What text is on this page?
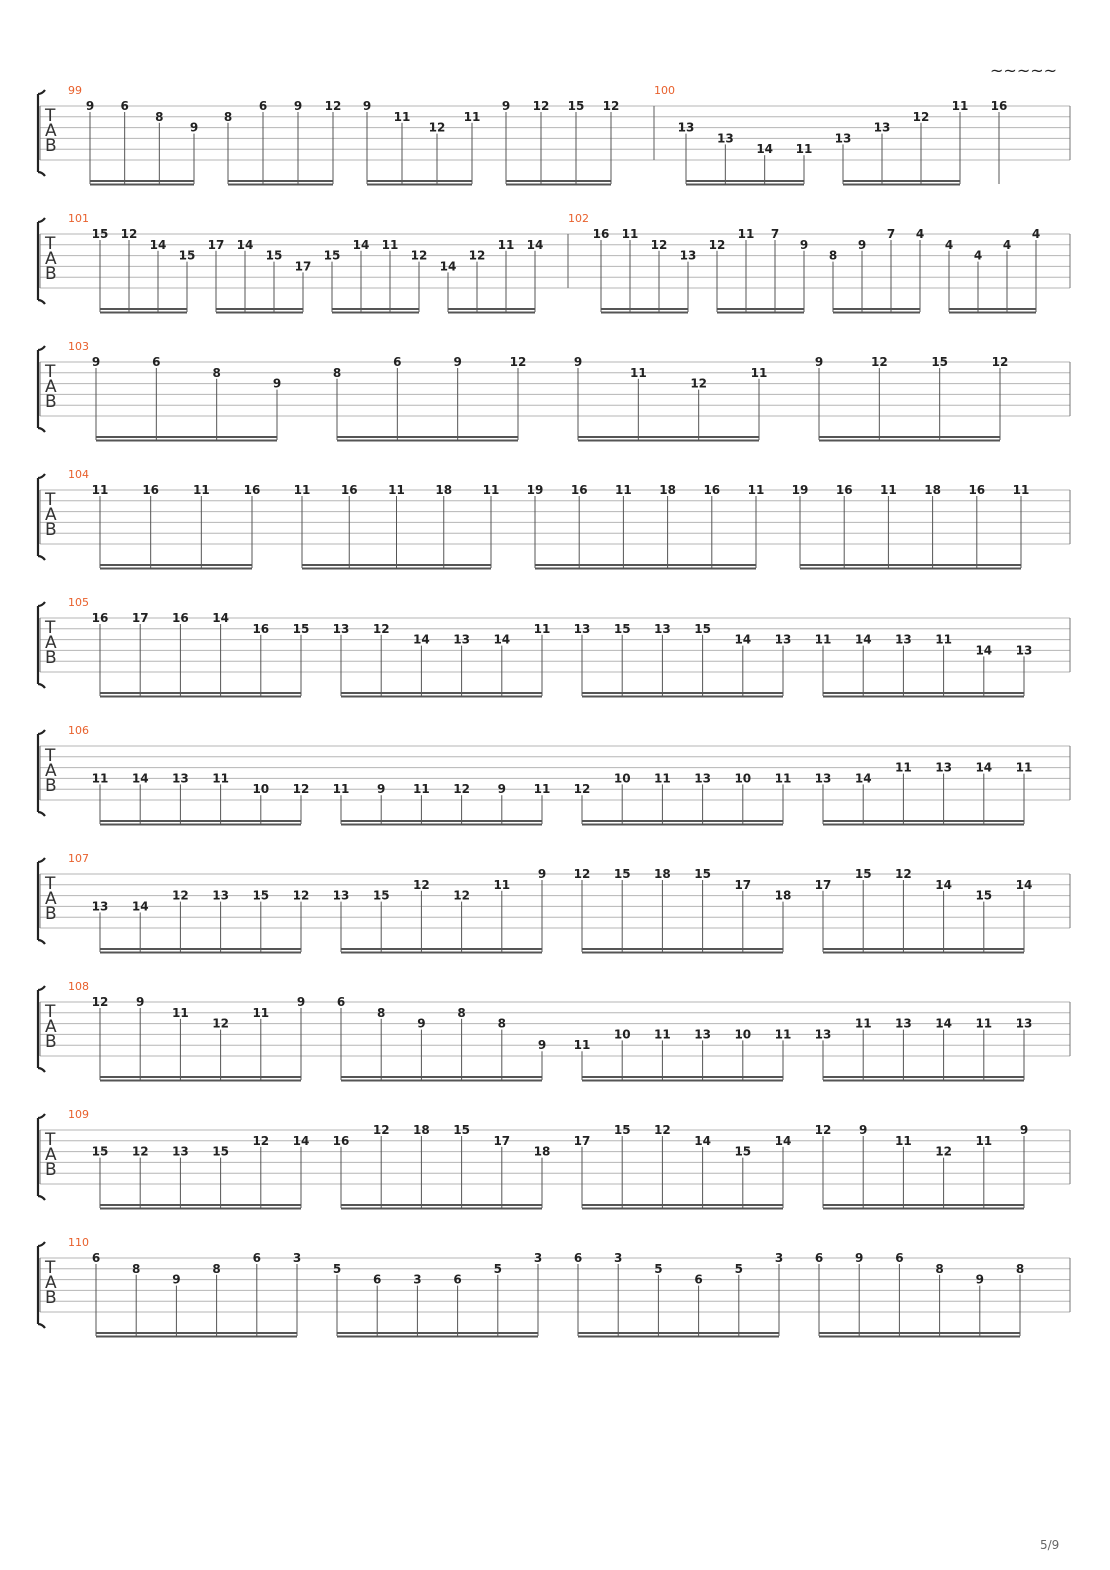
T
A
B
99
9 6
8
9
8
6 9 12 9
11
12
11
9 12 15 12
100
13
13
14 11
13
13
12
11 16
T
A
B
101
15 12
14
15
17 14
15
17
15
14 11
12
14
12
11 14
102
16 11
12
13
12
11 7
9
8
9
7 4
4
4
4
4
T
A
B
103
9	6
8
9
8
6	9	12	9
11
12
11
9	12	15	12
T
A
B
104
11	16	11	16	11	16	11	18	11 19 16 11 18 16 11 19 16 11 18 16 11
T
A
B
105
16 17 16 14
16 15 13 12
14 13 14
11 13 15 13 15
14 13 11 14 13 11
14 13
T
A
B
106
11 14 13 11
10 12 11 9 11 12 9 11 12
10 11 13 10 11 13 14
11 13 14 11
T
A
B
107
13 14
12 13 15 12 13 15
12
12
11
9 12 15 18 15
17
18
17
15 12
14
15
14
T
A
B
108
12 9
11
12
11
9	6
8
9
8
8
9 11
10 11 13 10 11 13
11 13 14 11 13
T
A
B
109
15 12 13 15
12 14 16
12 18 15
17
18
17
15 12
14
15
14
12 9
11
12
11
9
T
A
B
110
6
8
9
8
6	3
5
6	3	6
5
3	6	3
5
6
5
3	6	9	6
8
9
8
~~~~~
5/9
